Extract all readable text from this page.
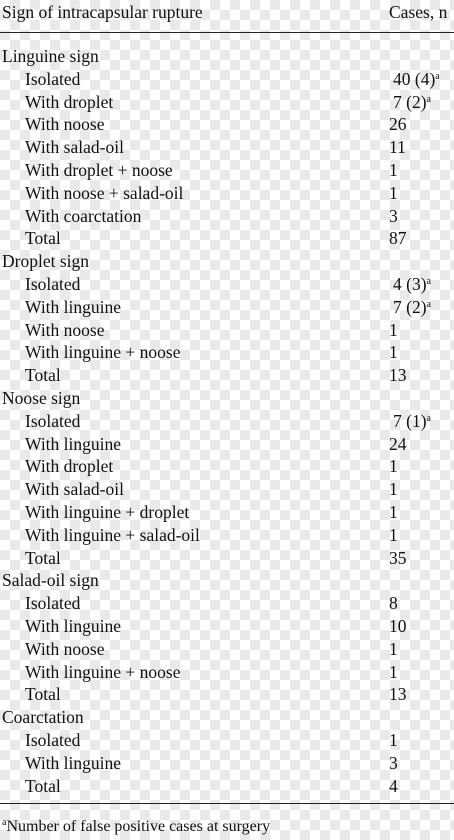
Sign of intracapsular rupture	Cases, n
Linguine sign
Isolated	40 $(4)^a$
With droplet	7 $(2)^a$
With noose	26
With salad-oil	11
With droplet + noose	1
With noose + salad-oil	1
With coarctation	3
Total	87
Droplet sign
Isolated	4 $(3)^a$
With linguine	7 $(2)^a$
With noose	1
With linguine + noose	1
Total	13
Noose sign
Isolated	7 $(1)^a$
With linguine	24
With droplet	1
With salad-oil	1
With linguine + droplet	1
With linguine + salad-oil	1
Total	35
Salad-oil sign
Isolated	8
With linguine	10
With noose	1
With linguine + noose	1
Total	13
Coarctation
Isolated	1
With linguine	3
Total	4
$^a$Number of false positive cases at surgery
